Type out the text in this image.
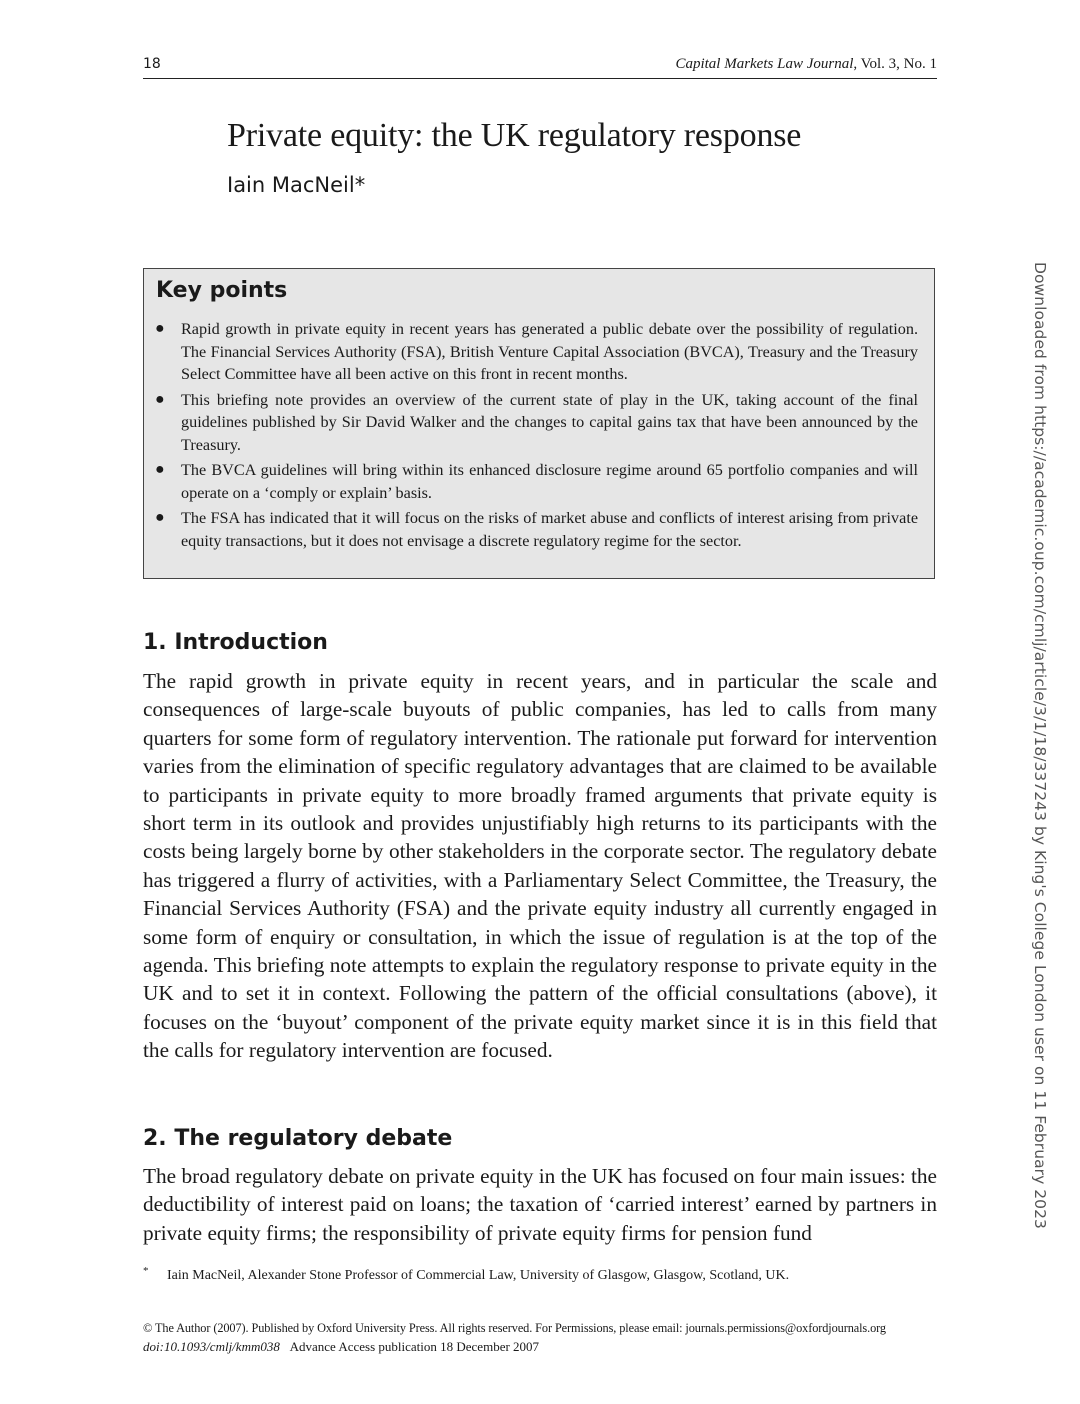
18	Capital Markets Law Journal, Vol. 3, No. 1
Private equity: the UK regulatory response

Iain MacNeil*

Key points
● Rapid growth in private equity in recent years has generated a public debate over the possibility of regulation. The Financial Services Authority (FSA), British Venture Capital Association (BVCA), Treasury and the Treasury Select Committee have all been active on this front in recent months.
● This briefing note provides an overview of the current state of play in the UK, taking account of the final guidelines published by Sir David Walker and the changes to capital gains tax that have been announced by the Treasury.
● The BVCA guidelines will bring within its enhanced disclosure regime around 65 portfolio companies and will operate on a ‘comply or explain’ basis.
● The FSA has indicated that it will focus on the risks of market abuse and conflicts of interest arising from private equity transactions, but it does not envisage a discrete regulatory regime for the sector.
1. Introduction

The rapid growth in private equity in recent years, and in particular the scale and consequences of large-scale buyouts of public companies, has led to calls from many quarters for some form of regulatory intervention. The rationale put forward for intervention varies from the elimination of specific regulatory advantages that are claimed to be available to participants in private equity to more broadly framed arguments that private equity is short term in its outlook and provides unjustifiably high returns to its participants with the costs being largely borne by other stakeholders in the corporate sector. The regulatory debate has triggered a flurry of activities, with a Parliamentary Select Committee, the Treasury, the Financial Services Authority (FSA) and the private equity industry all currently engaged in some form of enquiry or consultation, in which the issue of regulation is at the top of the agenda. This briefing note attempts to explain the regulatory response to private equity in the UK and to set it in context. Following the pattern of the official consultations (above), it focuses on the ‘buyout’ component of the private equity market since it is in this field that the calls for regulatory intervention are focused.

2. The regulatory debate

The broad regulatory debate on private equity in the UK has focused on four main issues: the deductibility of interest paid on loans; the taxation of ‘carried interest’ earned by partners in private equity firms; the responsibility of private equity firms for pension fund

* Iain MacNeil, Alexander Stone Professor of Commercial Law, University of Glasgow, Glasgow, Scotland, UK.
© The Author (2007). Published by Oxford University Press. All rights reserved. For Permissions, please email: journals.permissions@oxfordjournals.org
doi:10.1093/cmlj/kmm038 Advance Access publication 18 December 2007
Downloaded from https://academic.oup.com/cmlj/article/3/1/18/337243 by King's College London user on 11 February 2023
